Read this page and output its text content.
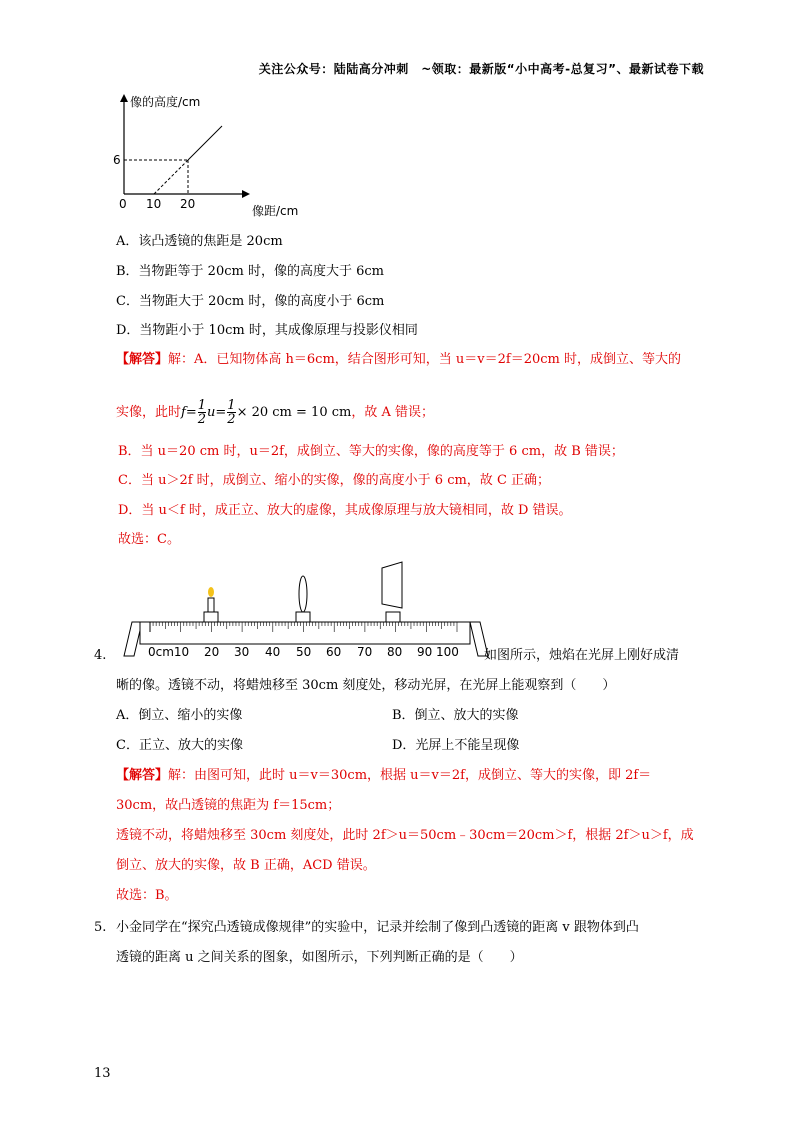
关注公众号：陆陆高分冲刺　~领取：最新版“小中高考-总复习”、最新试卷下载
像的高度/cm
像距/cm
6
0 10 20
A．该凸透镜的焦距是 20cm
B．当物距等于 20cm 时，像的高度大于 6cm
C．当物距大于 20cm 时，像的高度小于 6cm
D．当物距小于 10cm 时，其成像原理与投影仪相同
【解答】解：A．已知物体高 h＝6cm，结合图形可知，当 u＝v＝2f＝20cm 时，成倒立、等大的
实像，此时$f= \frac{1}{2} u= \frac{1}{2} \times 20$ cm = 10 cm，故 A 错误；
B．当 u＝20 cm 时，u＝2f，成倒立、等大的实像，像的高度等于 6 cm，故 B 错误；
C．当 u＞2f 时，成倒立、缩小的实像，像的高度小于 6 cm，故 C 正确；
D．当 u＜f 时，成正立、放大的虚像，其成像原理与放大镜相同，故 D 错误。
故选：C。
0cm10 20 30 40 50 60 70 80 90 100
4.	如图所示，烛焰在光屏上刚好成清
晰的像。透镜不动，将蜡烛移至 30cm 刻度处，移动光屏，在光屏上能观察到（　　）
A．倒立、缩小的实像	B．倒立、放大的实像
C．正立、放大的实像	D．光屏上不能呈现像
【解答】解：由图可知，此时 u＝v＝30cm，根据 u＝v＝2f，成倒立、等大的实像，即 2f＝
30cm，故凸透镜的焦距为 f＝15cm；
透镜不动，将蜡烛移至 30cm 刻度处，此时 2f＞u＝50cm﹣30cm＝20cm＞f，根据 2f＞u＞f，成
倒立、放大的实像，故 B 正确，ACD 错误。
故选：B。
5. 小金同学在“探究凸透镜成像规律”的实验中，记录并绘制了像到凸透镜的距离 v 跟物体到凸
透镜的距离 u 之间关系的图象，如图所示，下列判断正确的是（　　）
13
